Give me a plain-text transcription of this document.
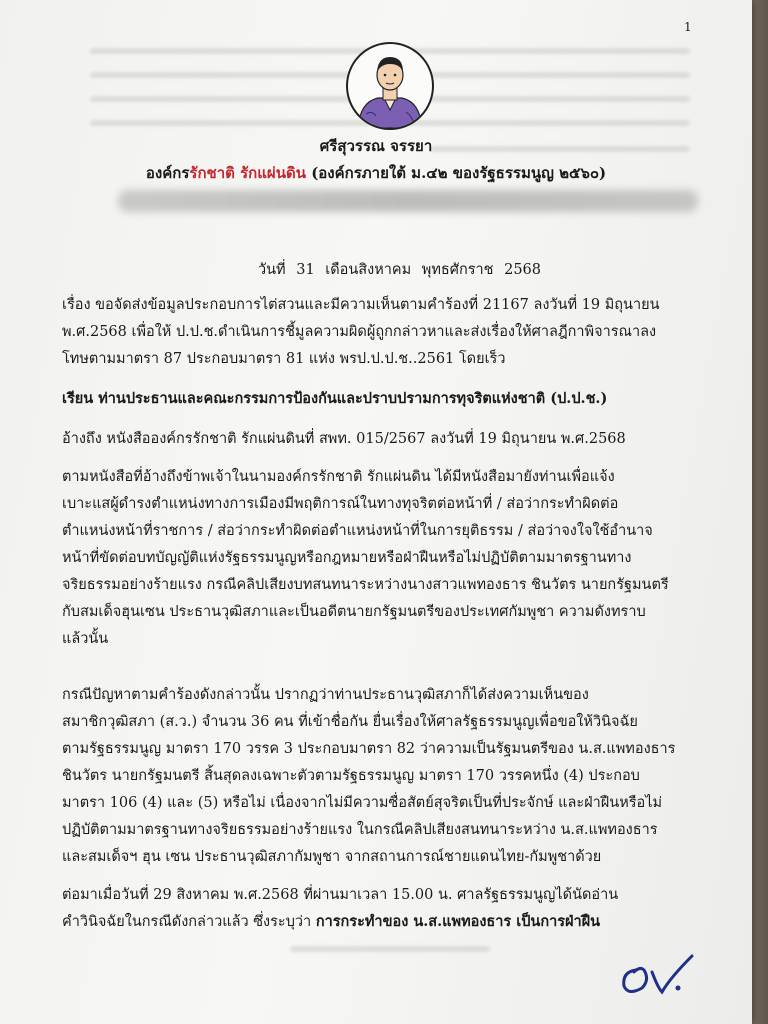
1
ศรีสุวรรณ จรรยา
องค์กรรักชาติ รักแผ่นดิน (องค์กรภายใต้ ม.๔๒ ของรัฐธรรมนูญ ๒๕๖๐)
วันที่ 31 เดือนสิงหาคม พุทธศักราช 2568
เรื่อง ขอจัดส่งข้อมูลประกอบการไต่สวนและมีความเห็นตามคำร้องที่ 21167 ลงวันที่ 19 มิถุนายน
พ.ศ.2568 เพื่อให้ ป.ป.ช.ดำเนินการชี้มูลความผิดผู้ถูกกล่าวหาและส่งเรื่องให้ศาลฎีกาพิจารณาลง
โทษตามมาตรา 87 ประกอบมาตรา 81 แห่ง พรป.ป.ป.ช..2561 โดยเร็ว
เรียน ท่านประธานและคณะกรรมการป้องกันและปราบปรามการทุจริตแห่งชาติ (ป.ป.ช.)
อ้างถึง หนังสือองค์กรรักชาติ รักแผ่นดินที่ สพท. 015/2567 ลงวันที่ 19 มิถุนายน พ.ศ.2568
ตามหนังสือที่อ้างถึงข้าพเจ้าในนามองค์กรรักชาติ รักแผ่นดิน ได้มีหนังสือมายังท่านเพื่อแจ้ง
เบาะแสผู้ดำรงตำแหน่งทางการเมืองมีพฤติการณ์ในทางทุจริตต่อหน้าที่ / ส่อว่ากระทำผิดต่อ
ตำแหน่งหน้าที่ราชการ / ส่อว่ากระทำผิดต่อตำแหน่งหน้าที่ในการยุติธรรม / ส่อว่าจงใจใช้อำนาจ
หน้าที่ขัดต่อบทบัญญัติแห่งรัฐธรรมนูญหรือกฎหมายหรือฝ่าฝืนหรือไม่ปฏิบัติตามมาตรฐานทาง
จริยธรรมอย่างร้ายแรง กรณีคลิปเสียงบทสนทนาระหว่างนางสาวแพทองธาร ชินวัตร นายกรัฐมนตรี
กับสมเด็จฮุนเซน ประธานวุฒิสภาและเป็นอดีตนายกรัฐมนตรีของประเทศกัมพูชา ความดังทราบ
แล้วนั้น
กรณีปัญหาตามคำร้องดังกล่าวนั้น ปรากฏว่าท่านประธานวุฒิสภาก็ได้ส่งความเห็นของ
สมาชิกวุฒิสภา (ส.ว.) จำนวน 36 คน ที่เข้าชื่อกัน ยื่นเรื่องให้ศาลรัฐธรรมนูญเพื่อขอให้วินิจฉัย
ตามรัฐธรรมนูญ มาตรา 170 วรรค 3 ประกอบมาตรา 82 ว่าความเป็นรัฐมนตรีของ น.ส.แพทองธาร
ชินวัตร นายกรัฐมนตรี สิ้นสุดลงเฉพาะตัวตามรัฐธรรมนูญ มาตรา 170 วรรคหนึ่ง (4) ประกอบ
มาตรา 106 (4) และ (5) หรือไม่ เนื่องจากไม่มีความซื่อสัตย์สุจริตเป็นที่ประจักษ์ และฝ่าฝืนหรือไม่
ปฏิบัติตามมาตรฐานทางจริยธรรมอย่างร้ายแรง ในกรณีคลิปเสียงสนทนาระหว่าง น.ส.แพทองธาร
และสมเด็จฯ ฮุน เซน ประธานวุฒิสภากัมพูชา จากสถานการณ์ชายแดนไทย-กัมพูชาด้วย
ต่อมาเมื่อวันที่ 29 สิงหาคม พ.ศ.2568 ที่ผ่านมาเวลา 15.00 น. ศาลรัฐธรรมนูญได้นัดอ่าน
คำวินิจฉัยในกรณีดังกล่าวแล้ว ซึ่งระบุว่า การกระทำของ น.ส.แพทองธาร เป็นการฝ่าฝืน
